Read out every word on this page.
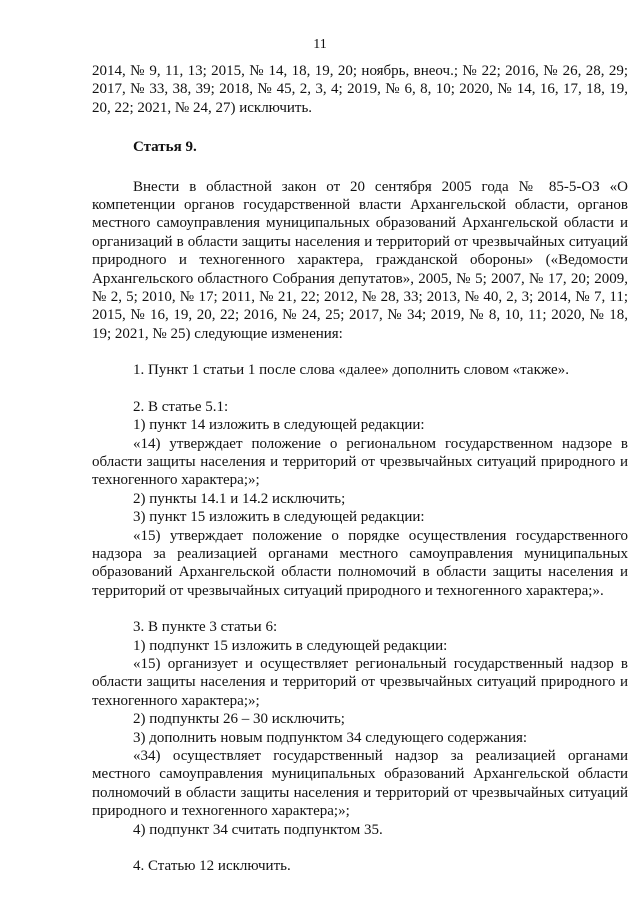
11

2014, № 9, 11, 13; 2015, № 14, 18, 19, 20; ноябрь, внеоч.; № 22; 2016, № 26, 28, 29; 2017, № 33, 38, 39; 2018, № 45, 2, 3, 4; 2019, № 6, 8, 10; 2020, № 14, 16, 17, 18, 19, 20, 22; 2021, № 24, 27) исключить.

Статья 9.

Внести в областной закон от 20 сентября 2005 года № 85-5-ОЗ «О компетенции органов государственной власти Архангельской области, органов местного самоуправления муниципальных образований Архангельской области и организаций в области защиты населения и территорий от чрезвычайных ситуаций природного и техногенного характера, гражданской обороны» («Ведомости Архангельского областного Собрания депутатов», 2005, № 5; 2007, № 17, 20; 2009, № 2, 5; 2010, № 17; 2011, № 21, 22; 2012, № 28, 33; 2013, № 40, 2, 3; 2014, № 7, 11; 2015, № 16, 19, 20, 22; 2016, № 24, 25; 2017, № 34; 2019, № 8, 10, 11; 2020, № 18, 19; 2021, № 25) следующие изменения:

1. Пункт 1 статьи 1 после слова «далее» дополнить словом «также».

2. В статье 5.1:

1) пункт 14 изложить в следующей редакции:

«14) утверждает положение о региональном государственном надзоре в области защиты населения и территорий от чрезвычайных ситуаций природного и техногенного характера;»;

2) пункты 14.1 и 14.2 исключить;

3) пункт 15 изложить в следующей редакции:

«15) утверждает положение о порядке осуществления государственного надзора за реализацией органами местного самоуправления муниципальных образований Архангельской области полномочий в области защиты населения и территорий от чрезвычайных ситуаций природного и техногенного характера;».

3. В пункте 3 статьи 6:

1) подпункт 15 изложить в следующей редакции:

«15) организует и осуществляет региональный государственный надзор в области защиты населения и территорий от чрезвычайных ситуаций природного и техногенного характера;»;

2) подпункты 26 – 30 исключить;

3) дополнить новым подпунктом 34 следующего содержания:

«34) осуществляет государственный надзор за реализацией органами местного самоуправления муниципальных образований Архангельской области полномочий в области защиты населения и территорий от чрезвычайных ситуаций природного и техногенного характера;»;

4) подпункт 34 считать подпунктом 35.

4. Статью 12 исключить.
